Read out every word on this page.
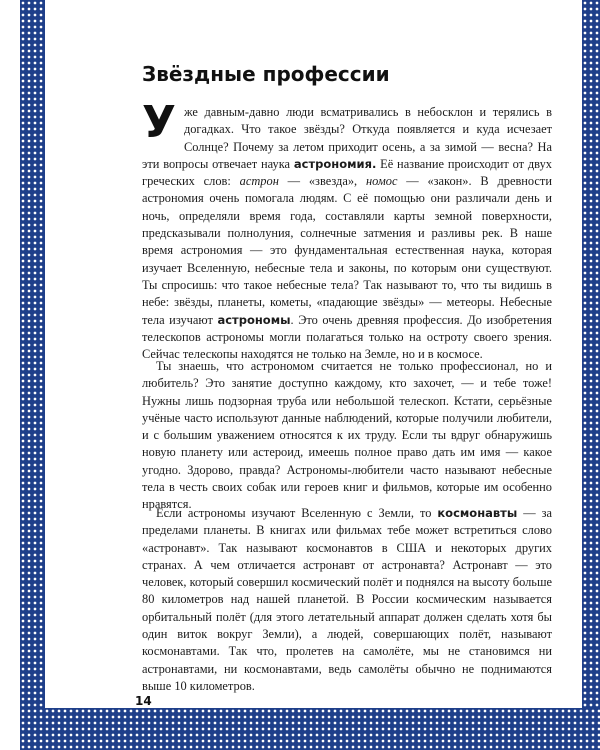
Звёздные профессии

Уже давным-давно люди всматривались в небосклон и терялись в догадках. Что такое звёзды? Откуда появляется и куда исчезает Солнце? Почему за летом приходит осень, а за зимой — весна? На эти вопросы отвечает наука астрономия. Её название происходит от двух греческих слов: астрон — «звезда», номос — «закон». В древности астрономия очень помогала людям. С её помощью они различали день и ночь, определяли время года, составляли карты земной поверхности, предсказывали полнолуния, солнечные затмения и разливы рек. В наше время астрономия — это фундаментальная естественная наука, которая изучает Вселенную, небесные тела и законы, по которым они существуют. Ты спросишь: что такое небесные тела? Так называют то, что ты видишь в небе: звёзды, планеты, кометы, «падающие звёзды» — метеоры. Небесные тела изучают астрономы. Это очень древняя профессия. До изобретения телескопов астрономы могли полагаться только на остроту своего зрения. Сейчас телескопы находятся не только на Земле, но и в космосе.

Ты знаешь, что астрономом считается не только профессионал, но и любитель? Это занятие доступно каждому, кто захочет, — и тебе тоже! Нужны лишь подзорная труба или небольшой телескоп. Кстати, серьёзные учёные часто используют данные наблюдений, которые получили любители, и с большим уважением относятся к их труду. Если ты вдруг обнаружишь новую планету или астероид, имеешь полное право дать им имя — какое угодно. Здорово, правда? Астрономы-любители часто называют небесные тела в честь своих собак или героев книг и фильмов, которые им особенно нравятся.

Если астрономы изучают Вселенную с Земли, то космонавты — за пределами планеты. В книгах или фильмах тебе может встретиться слово «астронавт». Так называют космонавтов в США и некоторых других странах. А чем отличается астронавт от астронавта? Астронавт — это человек, который совершил космический полёт и поднялся на высоту больше 80 километров над нашей планетой. В России космическим называется орбитальный полёт (для этого летательный аппарат должен сделать хотя бы один виток вокруг Земли), а людей, совершающих полёт, называют космонавтами. Так что, пролетев на самолёте, мы не становимся ни астронавтами, ни космонавтами, ведь самолёты обычно не поднимаются выше 10 километров.

14
